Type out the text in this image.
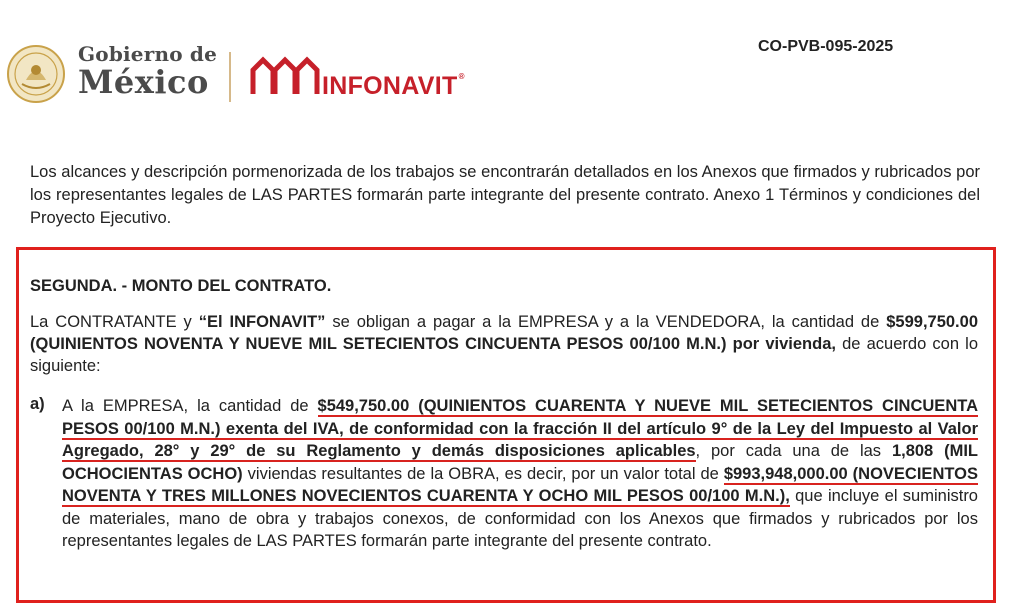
Gobierno de
México	INFONAVIT®
CO-PVB-095-2025
Los alcances y descripción pormenorizada de los trabajos se encontrarán detallados en los Anexos que firmados y rubricados por los representantes legales de LAS PARTES formarán parte integrante del presente contrato. Anexo 1 Términos y condiciones del Proyecto Ejecutivo.
SEGUNDA. - MONTO DEL CONTRATO.
La CONTRATANTE y “El INFONAVIT” se obligan a pagar a la EMPRESA y a la VENDEDORA, la cantidad de $599,750.00 (QUINIENTOS NOVENTA Y NUEVE MIL SETECIENTOS CINCUENTA PESOS 00/100 M.N.) por vivienda, de acuerdo con lo siguiente:
a) A la EMPRESA, la cantidad de $549,750.00 (QUINIENTOS CUARENTA Y NUEVE MIL SETECIENTOS CINCUENTA PESOS 00/100 M.N.) exenta del IVA, de conformidad con la fracción II del artículo 9° de la Ley del Impuesto al Valor Agregado, 28° y 29° de su Reglamento y demás disposiciones aplicables, por cada una de las 1,808 (MIL OCHOCIENTAS OCHO) viviendas resultantes de la OBRA, es decir, por un valor total de $993,948,000.00 (NOVECIENTOS NOVENTA Y TRES MILLONES NOVECIENTOS CUARENTA Y OCHO MIL PESOS 00/100 M.N.), que incluye el suministro de materiales, mano de obra y trabajos conexos, de conformidad con los Anexos que firmados y rubricados por los representantes legales de LAS PARTES formarán parte integrante del presente contrato.
